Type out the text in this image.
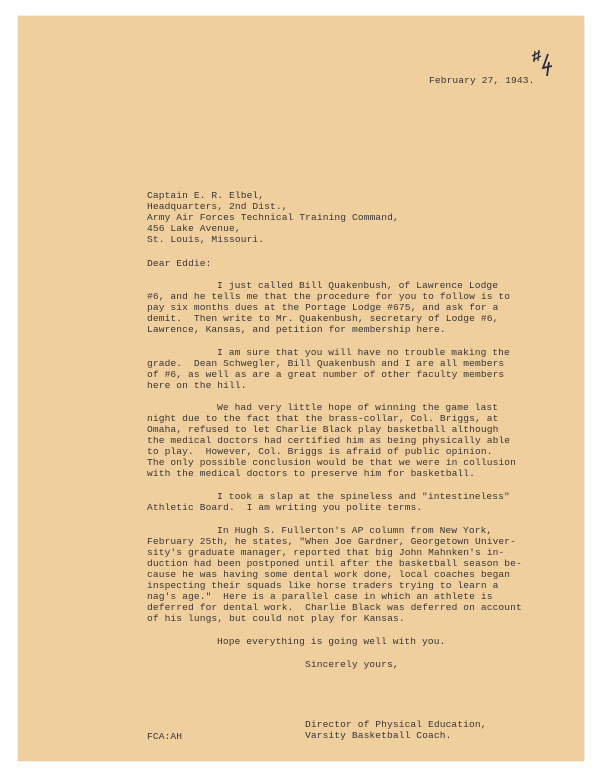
February 27, 1943.
Captain E. R. Elbel,
Headquarters, 2nd Dist.,
Army Air Forces Technical Training Command,
456 Lake Avenue,
St. Louis, Missouri.
Dear Eddie:
I just called Bill Quakenbush, of Lawrence Lodge
#6, and he tells me that the procedure for you to follow is to
pay six months dues at the Portage Lodge #675, and ask for a
demit.  Then write to Mr. Quakenbush, secretary of Lodge #6,
Lawrence, Kansas, and petition for membership here.
I am sure that you will have no trouble making the
grade.  Dean Schwegler, Bill Quakenbush and I are all members
of #6, as well as are a great number of other faculty members
here on the hill.
We had very little hope of winning the game last
night due to the fact that the brass-collar, Col. Briggs, at
Omaha, refused to let Charlie Black play basketball although
the medical doctors had certified him as being physically able
to play.  However, Col. Briggs is afraid of public opinion.
The only possible conclusion would be that we were in collusion
with the medical doctors to preserve him for basketball.
I took a slap at the spineless and "intestineless"
Athletic Board.  I am writing you polite terms.
In Hugh S. Fullerton's AP column from New York,
February 25th, he states, "When Joe Gardner, Georgetown Univer-
sity's graduate manager, reported that big John Mahnken's in-
duction had been postponed until after the basketball season be-
cause he was having some dental work done, local coaches began
inspecting their squads like horse traders trying to learn a
nag's age."  Here is a parallel case in which an athlete is
deferred for dental work.  Charlie Black was deferred on account
of his lungs, but could not play for Kansas.
Hope everything is going well with you.
Sincerely yours,
FCA:AH
Director of Physical Education,
Varsity Basketball Coach.
